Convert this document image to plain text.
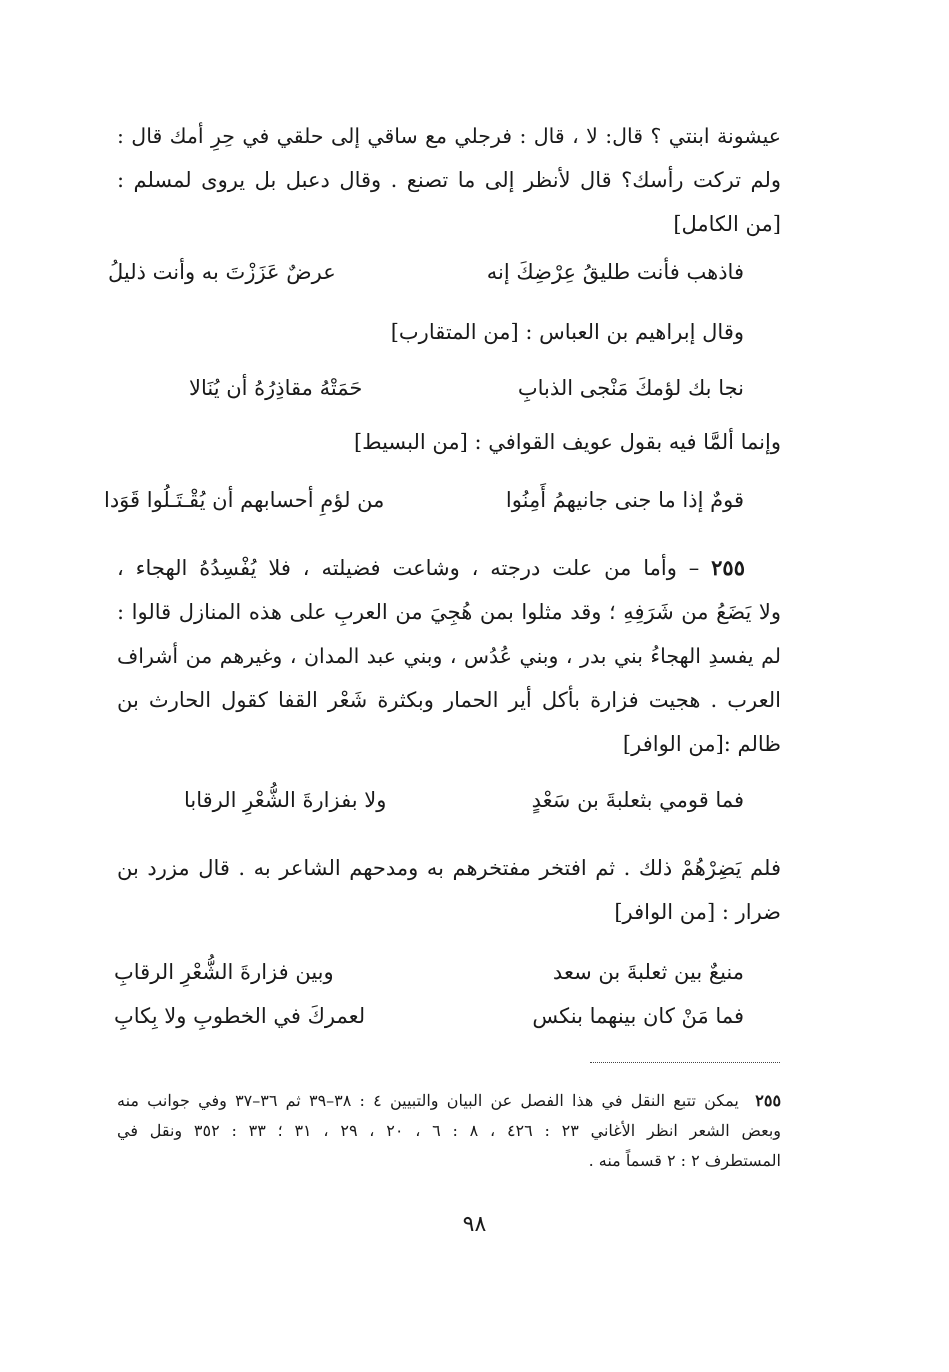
عيشونة ابنتي ؟ قال: لا ، قال : فرجلي مع ساقي إلى حلقي في حِرِ أمك قال :
ولم تركت رأسك؟ قال لأنظر إلى ما تصنع . وقال دعبل بل يروى لمسلم :
[من الكامل]
فاذهب فأنت طليقُ عِرْضِكَ إنه
عرضٌ عَزَزْتَ به وأنت ذليلُ
وقال إبراهيم بن العباس : [من المتقارب]
نجا بك لؤمكَ مَنْجى الذبابِ
حَمَتْهُ مقاذِرُهُ أن يُنَالا
وإنما ألمَّا فيه بقول عويف القوافي : [من البسيط]
قومٌ إذا ما جنى جانيهمُ أَمِنُوا
من لؤمِ أحسابهم أن يُقْـتَـلُوا قَوَدا
٢٥٥ – وأما من علت درجته ، وشاعت فضيلته ، فلا يُفْسِدُهُ الهجاء ،
ولا يَضَعُ من شَرَفِهِ ؛ وقد مثلوا بمن هُجِيَ من العربِ على هذه المنازل قالوا :
لم يفسدِ الهجاءُ بني بدر ، وبني عُدُس ، وبني عبد المدان ، وغيرهم من أشراف
العرب . هجيت فزارة بأكل أير الحمار وبكثرة شَعْر القفا كقول الحارث بن
ظالم :[من الوافر]
فما قومي بثعلبةَ بن سَعْدٍ
ولا بفزارةَ الشُّعْرِ الرقابا
فلم يَضِرْهُمْ ذلك . ثم افتخر مفتخرهم به ومدحهم الشاعر به . قال مزرد بن
ضرار : [من الوافر]
منيعٌ بين ثعلبةَ بن سعد
وبين فزارةَ الشُّعْرِ الرقابِ
فما مَنْ كان بينهما بنكس
لعمركَ في الخطوبِ ولا بِكابِ
٢٥٥  يمكن تتبع النقل في هذا الفصل عن البيان والتبيين ٤ : ٣٨–٣٩ ثم ٣٦–٣٧ وفي جوانب منه
وبعض الشعر انظر الأغاني ٢٣ : ٤٢٦ ، ٨ : ٦ ، ٢٠ ، ٢٩ ، ٣١ ؛ ٣٣ : ٣٥٢ ونقل في
المستطرف ٢ : ٢ قسماً منه .
٩٨
